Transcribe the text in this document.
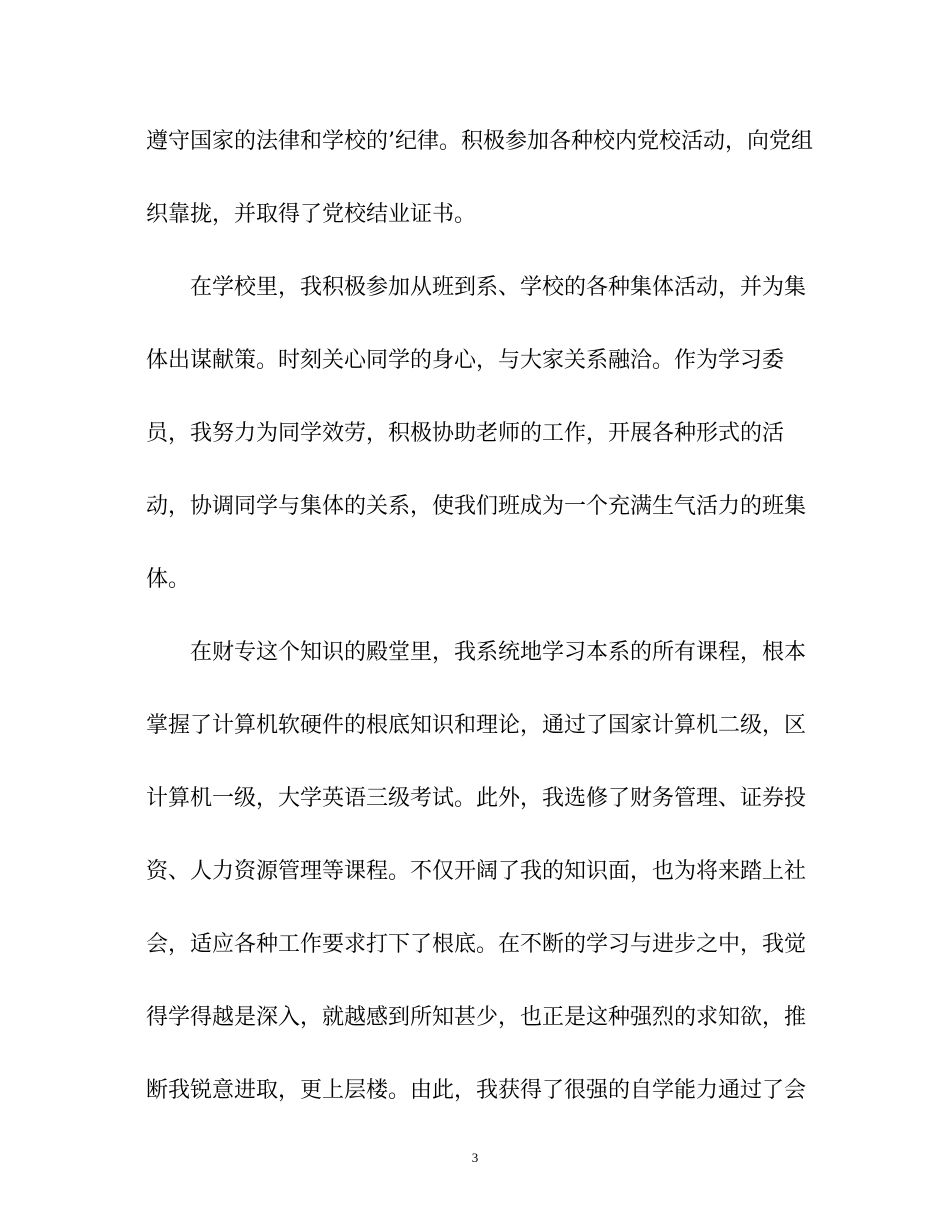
遵守国家的法律和学校的’纪律。积极参加各种校内党校活动，向党组
织靠拢，并取得了党校结业证书。
在学校里，我积极参加从班到系、学校的各种集体活动，并为集
体出谋献策。时刻关心同学的身心，与大家关系融洽。作为学习委
员，我努力为同学效劳，积极协助老师的工作，开展各种形式的活
动，协调同学与集体的关系，使我们班成为一个充满生气活力的班集
体。
在财专这个知识的殿堂里，我系统地学习本系的所有课程，根本
掌握了计算机软硬件的根底知识和理论，通过了国家计算机二级，区
计算机一级，大学英语三级考试。此外，我选修了财务管理、证券投
资、人力资源管理等课程。不仅开阔了我的知识面，也为将来踏上社
会，适应各种工作要求打下了根底。在不断的学习与进步之中，我觉
得学得越是深入，就越感到所知甚少，也正是这种强烈的求知欲，推
断我锐意进取，更上层楼。由此，我获得了很强的自学能力通过了会
3
